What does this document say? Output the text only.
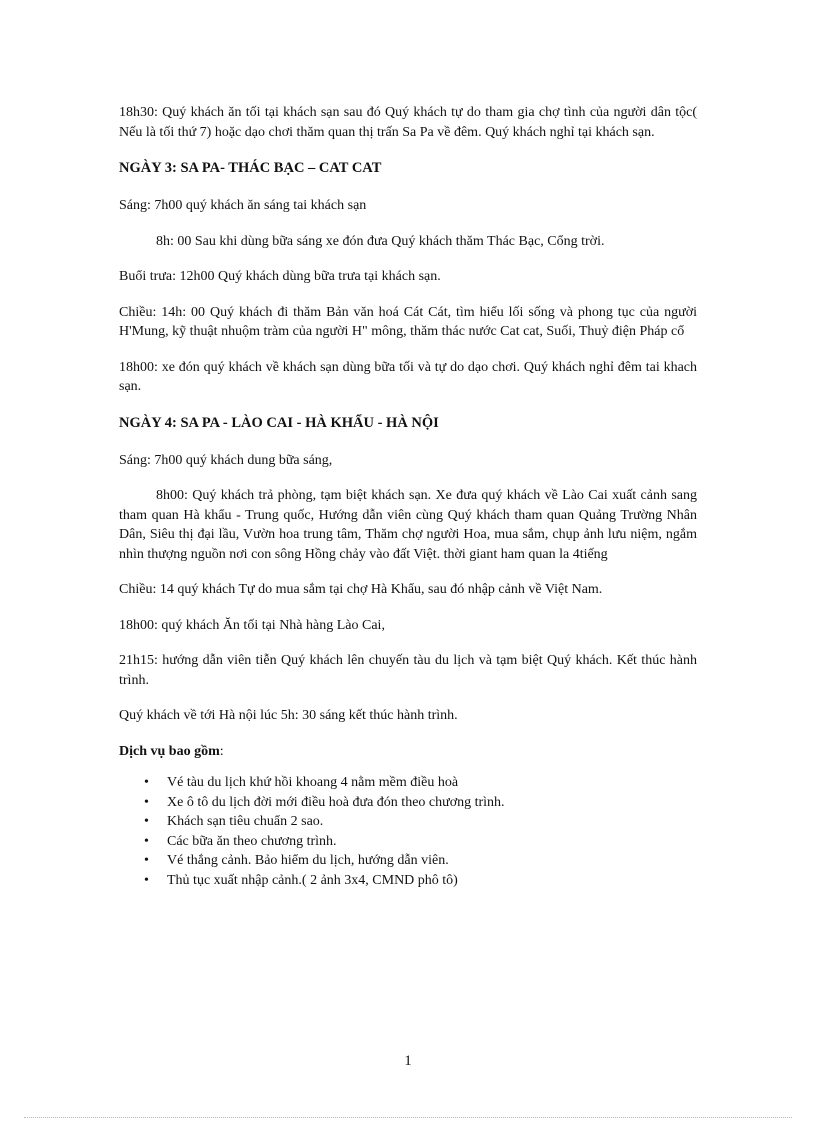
18h30: Quý khách ăn tối tại khách sạn sau đó Quý khách tự do tham gia chợ tình của người dân tộc( Nếu là tối thứ 7) hoặc dạo chơi thăm quan thị trấn Sa Pa về đêm. Quý khách nghỉ tại khách sạn.

NGÀY 3: SA PA- THÁC BẠC – CAT CAT

Sáng: 7h00 quý khách ăn sáng tai khách sạn

8h: 00 Sau khi dùng bữa sáng xe đón đưa Quý khách thăm Thác Bạc, Cổng trời.

Buổi trưa: 12h00 Quý khách dùng bữa trưa tại khách sạn.

Chiều: 14h: 00 Quý khách đi thăm Bản văn hoá Cát Cát, tìm hiểu lối sống và phong tục của người H'Mung, kỹ thuật nhuộm tràm của người H" mông, thăm thác nước Cat cat, Suối, Thuỷ điện Pháp cổ

18h00: xe đón quý khách về khách sạn dùng bữa tối và tự do dạo chơi. Quý khách nghỉ đêm tai khach sạn.

NGÀY 4: SA PA - LÀO CAI - HÀ KHẨU - HÀ NỘI

Sáng: 7h00 quý khách dung bữa sáng,

8h00: Quý khách trả phòng, tạm biệt khách sạn. Xe đưa quý khách về Lào Cai xuất cảnh sang tham quan Hà khẩu - Trung quốc, Hướng dẫn viên cùng Quý khách tham quan Quảng Trường Nhân Dân, Siêu thị đại lầu, Vườn hoa trung tâm, Thăm chợ người Hoa, mua sắm, chụp ảnh lưu niệm, ngắm nhìn thượng nguồn nơi con sông Hồng chảy vào đất Việt. thời giant ham quan la 4tiếng

Chiều: 14 quý khách Tự do mua sắm tại chợ Hà Khẩu, sau đó nhập cảnh về Việt Nam.

18h00: quý khách Ăn tối tại Nhà hàng Lào Cai,

21h15: hướng dẫn viên tiễn Quý khách lên chuyến tàu du lịch và tạm biệt Quý khách. Kết thúc hành trình.

Quý khách về tới Hà nội lúc 5h: 30 sáng kết thúc hành trình.

Dịch vụ bao gồm:

• Vé tàu du lịch khứ hồi khoang 4 nằm mềm điều hoà
• Xe ô tô du lịch đời mới điều hoà đưa đón theo chương trình.
• Khách sạn tiêu chuẩn 2 sao.
• Các bữa ăn theo chương trình.
• Vé thắng cảnh. Bảo hiểm du lịch, hướng dẫn viên.
• Thủ tục xuất nhập cảnh.( 2 ảnh 3x4, CMND phô tô)
1
